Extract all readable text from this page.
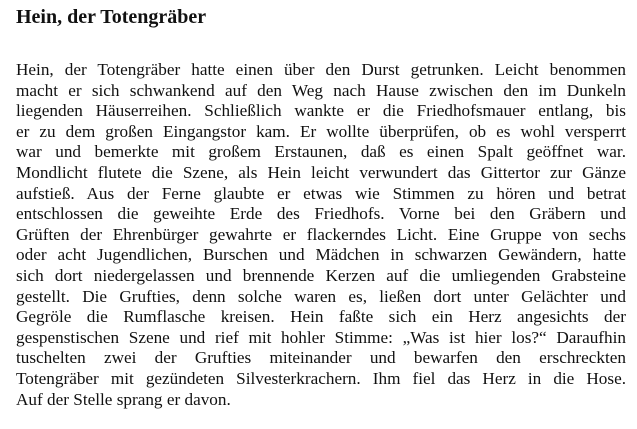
Hein, der Totengräber
Hein, der Totengräber hatte einen über den Durst getrunken. Leicht benommen
macht er sich schwankend auf den Weg nach Hause zwischen den im Dunkeln
liegenden Häuserreihen. Schließlich wankte er die Friedhofsmauer entlang, bis
er zu dem großen Eingangstor kam. Er wollte überprüfen, ob es wohl versperrt
war und bemerkte mit großem Erstaunen, daß es einen Spalt geöffnet war.
Mondlicht flutete die Szene, als Hein leicht verwundert das Gittertor zur Gänze
aufstieß. Aus der Ferne glaubte er etwas wie Stimmen zu hören und betrat
entschlossen die geweihte Erde des Friedhofs. Vorne bei den Gräbern und
Grüften der Ehrenbürger gewahrte er flackerndes Licht. Eine Gruppe von sechs
oder acht Jugendlichen, Burschen und Mädchen in schwarzen Gewändern, hatte
sich dort niedergelassen und brennende Kerzen auf die umliegenden Grabsteine
gestellt. Die Grufties, denn solche waren es, ließen dort unter Gelächter und
Gegröle die Rumflasche kreisen. Hein faßte sich ein Herz angesichts der
gespenstischen Szene und rief mit hohler Stimme: „Was ist hier los?“ Daraufhin
tuschelten zwei der Grufties miteinander und bewarfen den erschreckten
Totengräber mit gezündeten Silvesterkrachern. Ihm fiel das Herz in die Hose.
Auf der Stelle sprang er davon.
